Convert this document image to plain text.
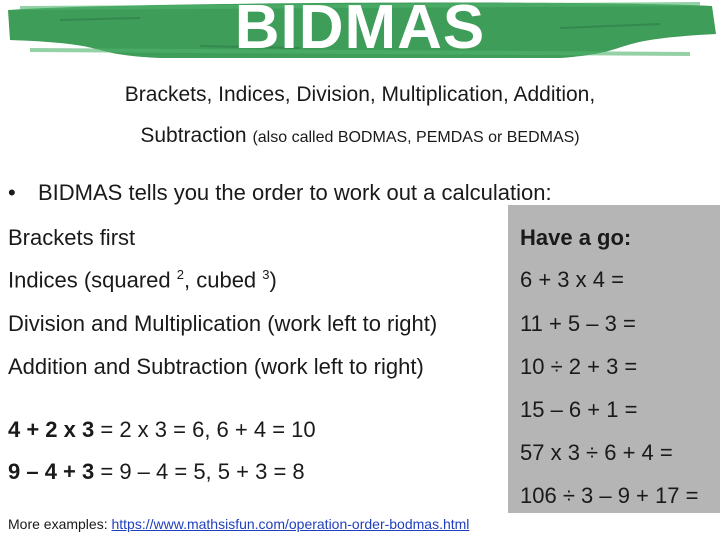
BIDMAS
Brackets, Indices, Division, Multiplication, Addition,
Subtraction (also called BODMAS, PEMDAS or BEDMAS)
• BIDMAS tells you the order to work out a calculation:
Brackets first
Indices (squared $^2$, cubed $^3$)
Division and Multiplication (work left to right)
Addition and Subtraction (work left to right)
4 + 2 x 3 = 2 x 3 = 6, 6 + 4 = 10
9 – 4 + 3 = 9 – 4 = 5, 5 + 3 = 8
Have a go:
6 + 3 x 4 =
11 + 5 – 3 =
10 ÷ 2 + 3 =
15 – 6 + 1 =
57 x 3 ÷ 6 + 4 =
106 ÷ 3 – 9 + 17 =
More examples: https://www.mathsisfun.com/operation-order-bodmas.html
